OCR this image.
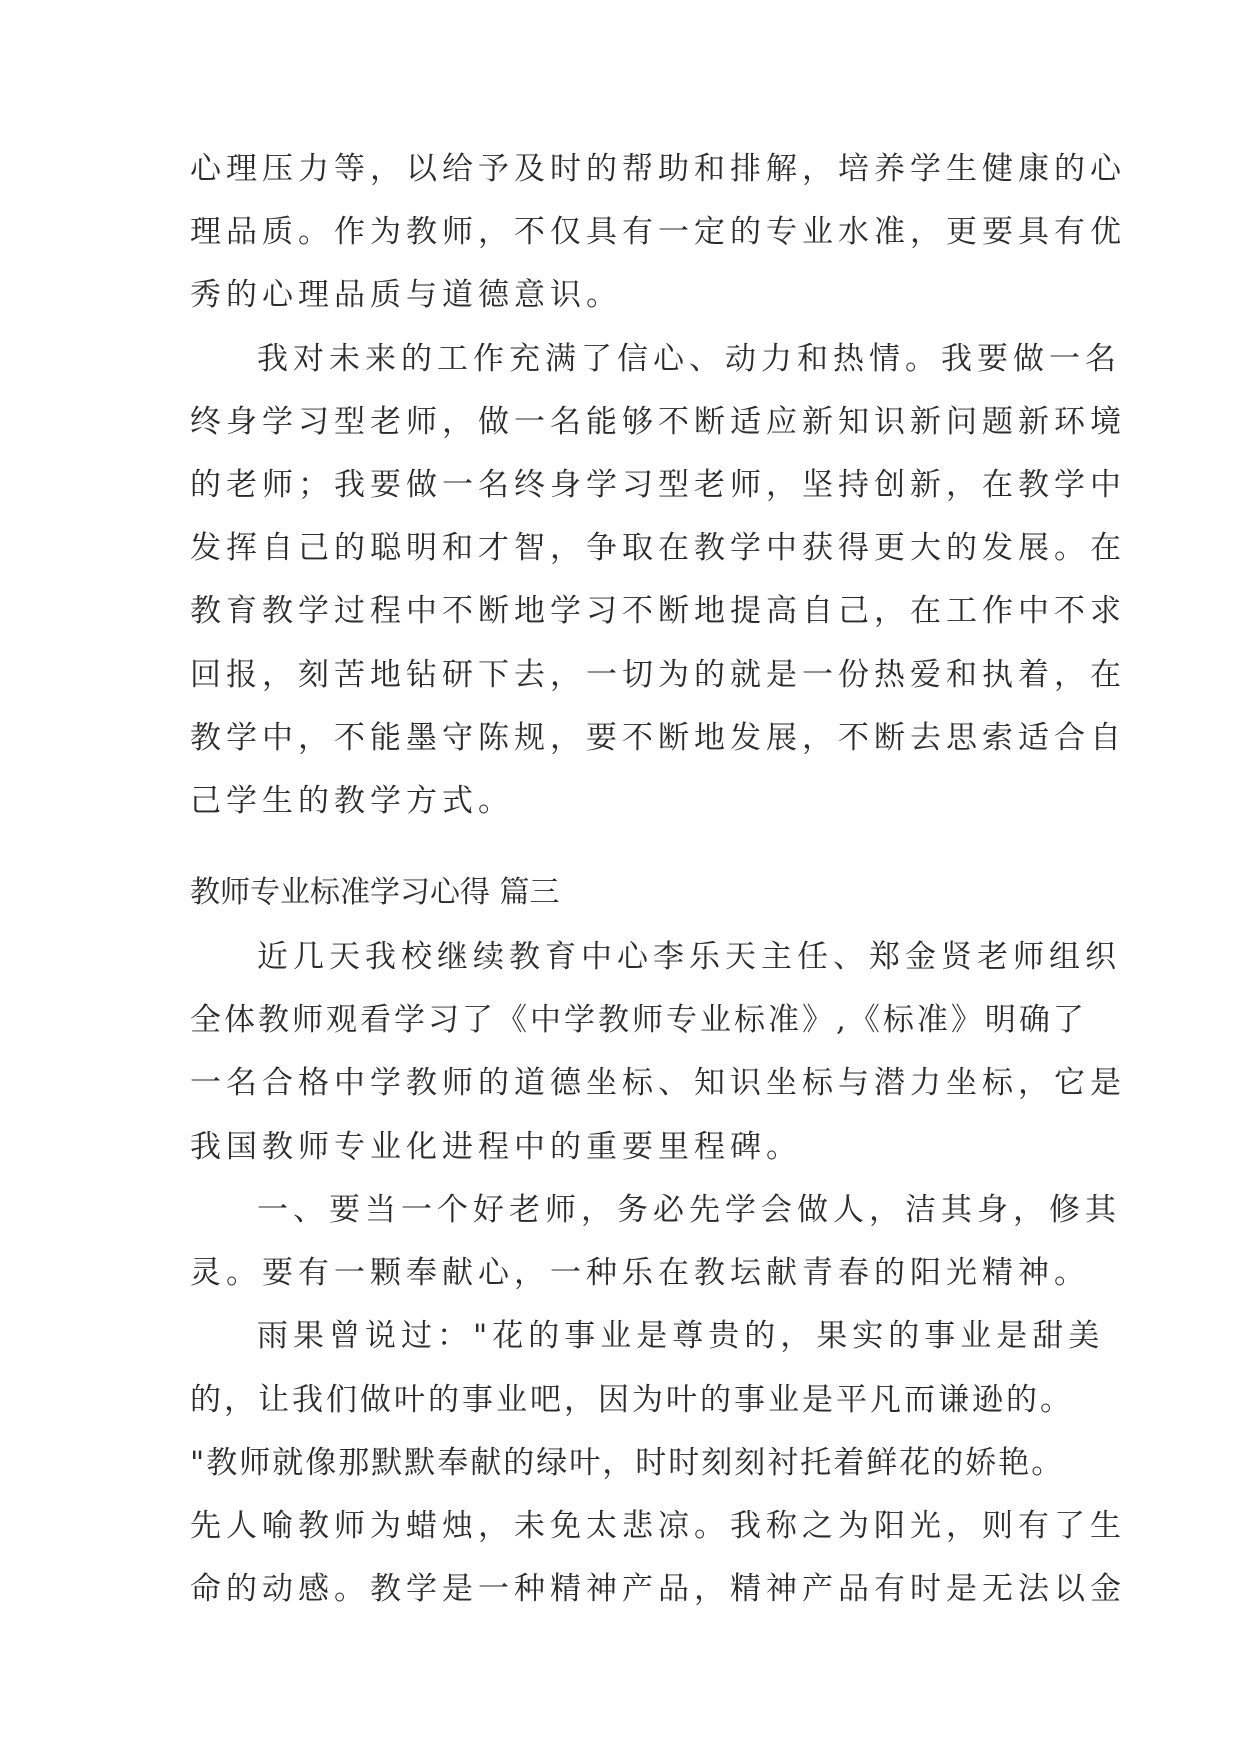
心理压力等，以给予及时的帮助和排解，培养学生健康的心
理品质。作为教师，不仅具有一定的专业水准，更要具有优
秀的心理品质与道德意识。
我对未来的工作充满了信心、动力和热情。我要做一名
终身学习型老师，做一名能够不断适应新知识新问题新环境
的老师；我要做一名终身学习型老师，坚持创新，在教学中
发挥自己的聪明和才智，争取在教学中获得更大的发展。在
教育教学过程中不断地学习不断地提高自己，在工作中不求
回报，刻苦地钻研下去，一切为的就是一份热爱和执着，在
教学中，不能墨守陈规，要不断地发展，不断去思索适合自
己学生的教学方式。
教师专业标准学习心得 篇三
近几天我校继续教育中心李乐天主任、郑金贤老师组织
全体教师观看学习了《中学教师专业标准》,《标准》明确了
一名合格中学教师的道德坐标、知识坐标与潜力坐标，它是
我国教师专业化进程中的重要里程碑。
一、要当一个好老师，务必先学会做人，洁其身，修其
灵。要有一颗奉献心，一种乐在教坛献青春的阳光精神。
雨果曾说过："花的事业是尊贵的，果实的事业是甜美
的，让我们做叶的事业吧，因为叶的事业是平凡而谦逊的。
"教师就像那默默奉献的绿叶，时时刻刻衬托着鲜花的娇艳。
先人喻教师为蜡烛，未免太悲凉。我称之为阳光，则有了生
命的动感。教学是一种精神产品，精神产品有时是无法以金
